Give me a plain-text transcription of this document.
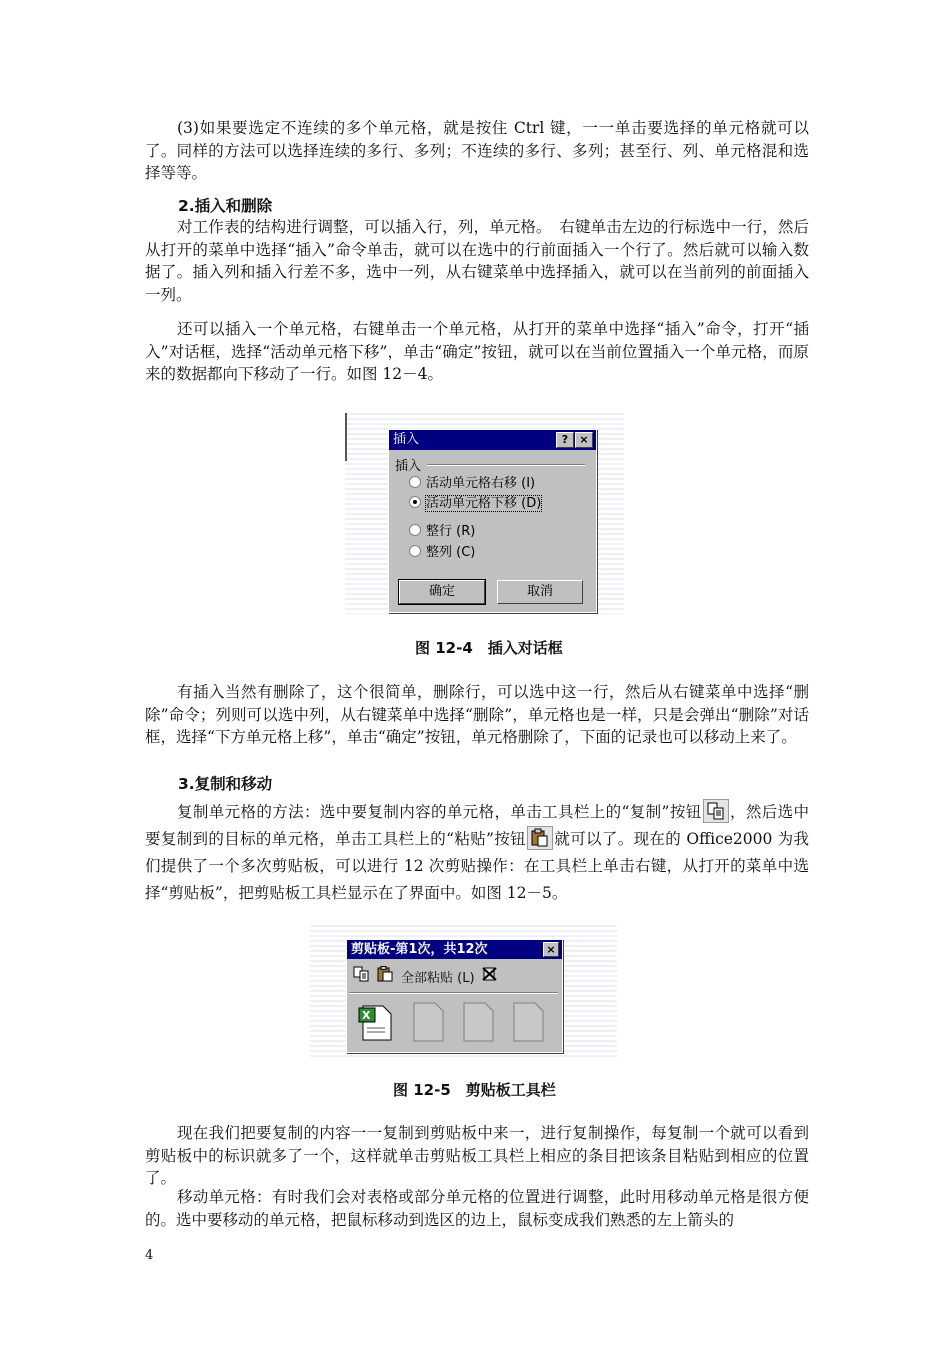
(3)如果要选定不连续的多个单元格，就是按住 Ctrl 键，一一单击要选择的单元格就可以了。同样的方法可以选择连续的多行、多列；不连续的多行、多列；甚至行、列、单元格混和选择等等。

2.插入和删除

对工作表的结构进行调整，可以插入行，列，单元格。　右键单击左边的行标选中一行，然后从打开的菜单中选择“插入”命令单击，就可以在选中的行前面插入一个行了。然后就可以输入数据了。插入列和插入行差不多，选中一列，从右键菜单中选择插入，就可以在当前列的前面插入一列。

还可以插入一个单元格，右键单击一个单元格，从打开的菜单中选择“插入”命令，打开“插入”对话框，选择“活动单元格下移”，单击“确定”按钮，就可以在当前位置插入一个单元格，而原来的数据都向下移动了一行。如图 12－4。

插入	?	×
插入
活动单元格右移 (I)
活动单元格下移 (D)
整行 (R)
整列 (C)
确定	取消

图 12-4　插入对话框

有插入当然有删除了，这个很简单，删除行，可以选中这一行，然后从右键菜单中选择“删除”命令；列则可以选中列，从右键菜单中选择“删除”，单元格也是一样，只是会弹出“删除”对话框，选择“下方单元格上移”，单击“确定”按钮，单元格删除了，下面的记录也可以移动上来了。

3.复制和移动

复制单元格的方法：选中要复制内容的单元格，单击工具栏上的“复制”按钮 ，然后选中要复制到的目标的单元格，单击工具栏上的“粘贴”按钮 就可以了。现在的 Office2000 为我们提供了一个多次剪贴板，可以进行 12 次剪贴操作：在工具栏上单击右键，从打开的菜单中选择“剪贴板”，把剪贴板工具栏显示在了界面中。如图 12－5。

剪贴板-第1次，共12次	×
全部粘贴 (L)
X

图 12-5　剪贴板工具栏

现在我们把要复制的内容一一复制到剪贴板中来一，进行复制操作，每复制一个就可以看到剪贴板中的标识就多了一个，这样就单击剪贴板工具栏上相应的条目把该条目粘贴到相应的位置了。

移动单元格：有时我们会对表格或部分单元格的位置进行调整，此时用移动单元格是很方便的。选中要移动的单元格，把鼠标移动到选区的边上，鼠标变成我们熟悉的左上箭头的

4
